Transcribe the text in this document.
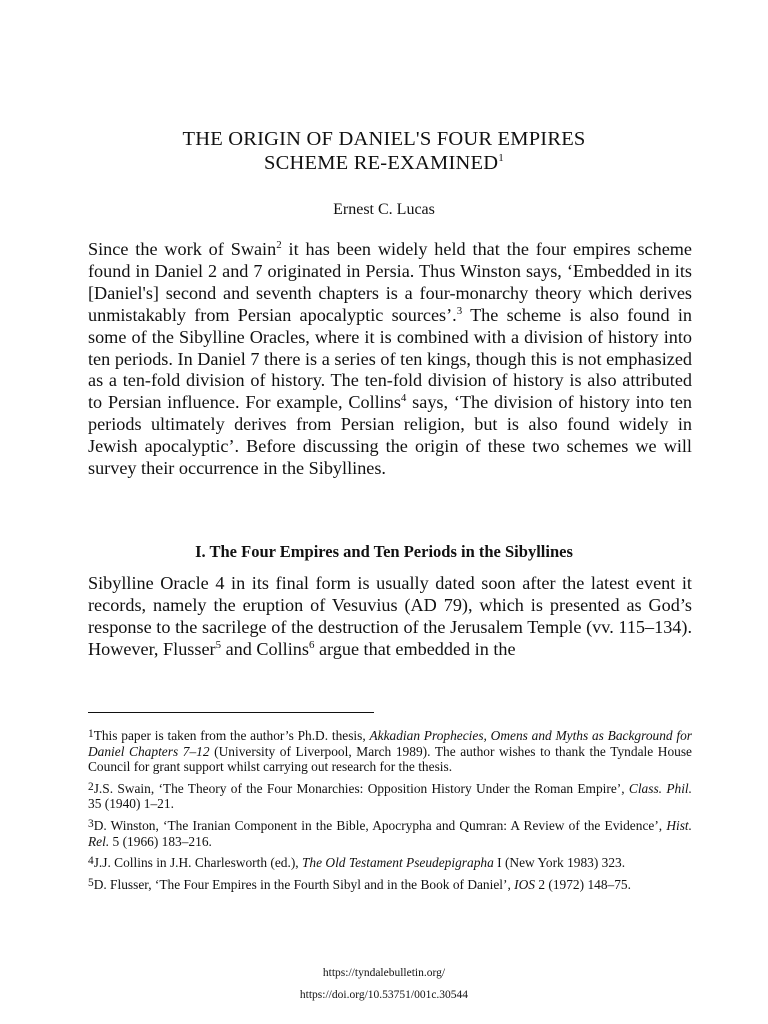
THE ORIGIN OF DANIEL'S FOUR EMPIRES
SCHEME RE-EXAMINED$^1$
Ernest C. Lucas
Since the work of Swain$^2$ it has been widely held that the four empires scheme found in Daniel 2 and 7 originated in Persia. Thus Winston says, ‘Embedded in its [Daniel's] second and seventh chapters is a four-monarchy theory which derives unmistakably from Persian apocalyptic sources’.$^3$ The scheme is also found in some of the Sibylline Oracles, where it is combined with a division of history into ten periods. In Daniel 7 there is a series of ten kings, though this is not emphasized as a ten-fold division of history. The ten-fold division of history is also attributed to Persian influence. For example, Collins$^4$ says, ‘The division of history into ten periods ultimately derives from Persian religion, but is also found widely in Jewish apocalyptic’. Before discussing the origin of these two schemes we will survey their occurrence in the Sibyllines.
I. The Four Empires and Ten Periods in the Sibyllines
Sibylline Oracle 4 in its final form is usually dated soon after the latest event it records, namely the eruption of Vesuvius (AD 79), which is presented as God’s response to the sacrilege of the destruction of the Jerusalem Temple (vv. 115–134). However, Flusser$^5$ and Collins$^6$ argue that embedded in the
$^1$This paper is taken from the author’s Ph.D. thesis, Akkadian Prophecies, Omens and Myths as Background for Daniel Chapters 7–12 (University of Liverpool, March 1989). The author wishes to thank the Tyndale House Council for grant support whilst carrying out research for the thesis.
$^2$J.S. Swain, ‘The Theory of the Four Monarchies: Opposition History Under the Roman Empire’, Class. Phil. 35 (1940) 1–21.
$^3$D. Winston, ‘The Iranian Component in the Bible, Apocrypha and Qumran: A Review of the Evidence’, Hist. Rel. 5 (1966) 183–216.
$^4$J.J. Collins in J.H. Charlesworth (ed.), The Old Testament Pseudepigrapha I (New York 1983) 323.
$^5$D. Flusser, ‘The Four Empires in the Fourth Sibyl and in the Book of Daniel’, IOS 2 (1972) 148–75.
https://tyndalebulletin.org/
https://doi.org/10.53751/001c.30544
